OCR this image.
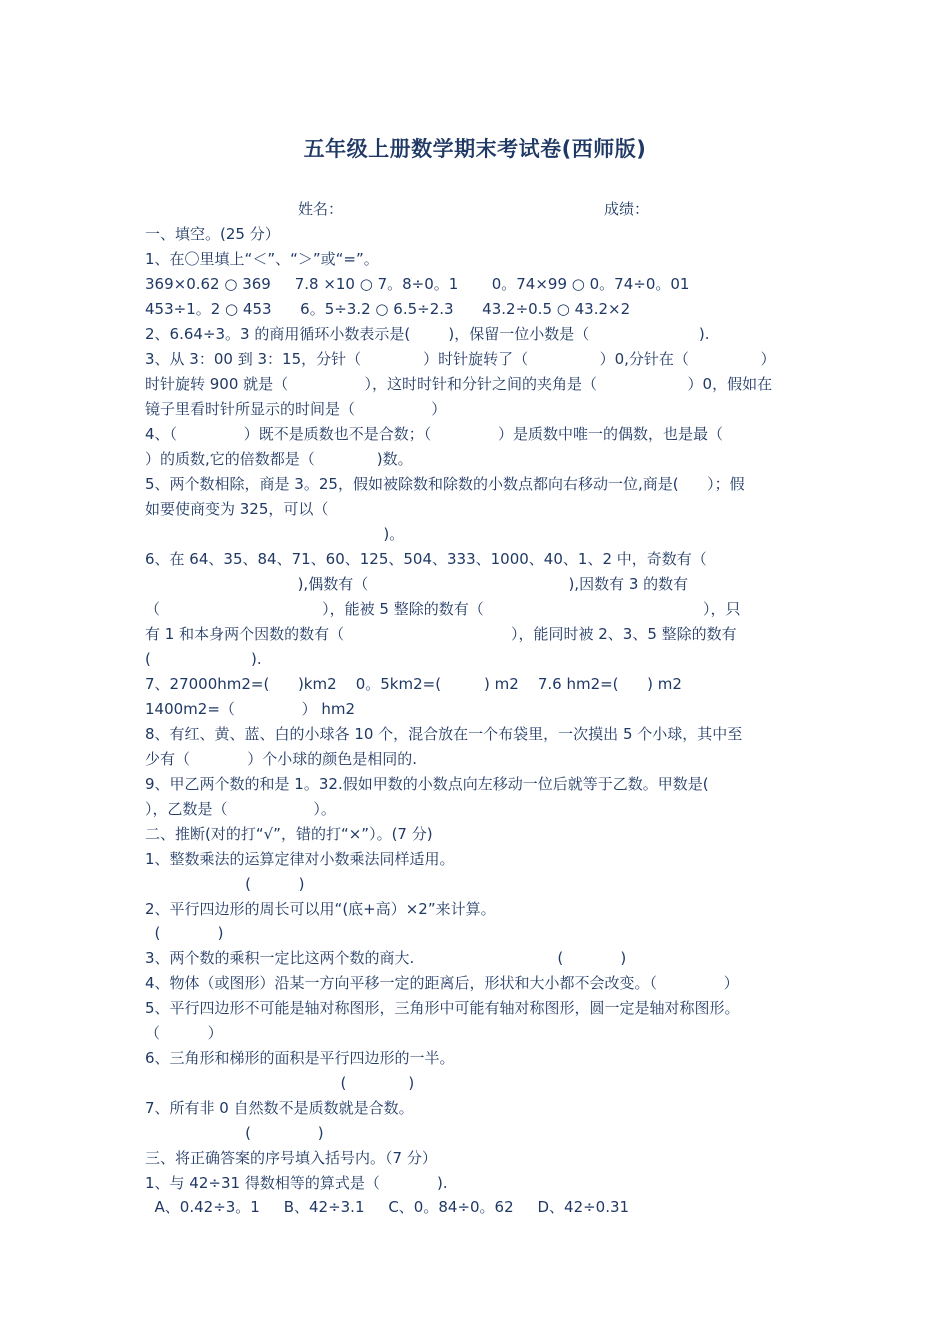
五年级上册数学期末考试卷(西师版)
姓名：	成绩：
一、填空。(25 分）
1、在〇里填上“＜”、“＞”或“=”。
369×0.62 ○ 369     7.8 ×10 ○ 7。8÷0。1       0。74×99 ○ 0。74÷0。01
453÷1。2 ○ 453      6。5÷3.2 ○ 6.5÷2.3      43.2÷0.5 ○ 43.2×2
2、6.64÷3。3 的商用循环小数表示是(        )，保留一位小数是（                       ).
3、从 3：00 到 3：15，分针（             ）时针旋转了（               ）0,分针在（               ）
时针旋转 900 就是（                ），这时时针和分针之间的夹角是（                   ）0，假如在
镜子里看时针所显示的时间是（                ）
4、（              ）既不是质数也不是合数；（              ）是质数中唯一的偶数，也是最（
）的质数,它的倍数都是（             )数。
5、两个数相除，商是 3。25，假如被除数和除数的小数点都向右移动一位,商是(      ）；假
如要使商变为 325，可以（
)。
6、在 64、35、84、71、60、125、504、333、1000、40、1、2 中，奇数有（
),偶数有（                                          ),因数有 3 的数有
（                                  ），能被 5 整除的数有（                                              ），只
有 1 和本身两个因数的数有（                                   ），能同时被 2、3、5 整除的数有
(                     ).
7、27000hm2=(      )km2    0。5km2=(         ) m2    7.6 hm2=(      ) m2
1400m2=（              ） hm2
8、有红、黄、蓝、白的小球各 10 个，混合放在一个布袋里，一次摸出 5 个小球，其中至
少有（            ）个小球的颜色是相同的.
9、甲乙两个数的和是 1。32.假如甲数的小数点向左移动一位后就等于乙数。甲数是(
），乙数是（                  ）。
二、推断(对的打“√”，错的打“×”）。(7 分)
1、整数乘法的运算定律对小数乘法同样适用。
(          )
2、平行四边形的周长可以用“(底+高）×2”来计算。
(            )
3、两个数的乘积一定比这两个数的商大.                              (            )
4、物体（或图形）沿某一方向平移一定的距离后，形状和大小都不会改变。（              ）
5、平行四边形不可能是轴对称图形，三角形中可能有轴对称图形，圆一定是轴对称图形。
（          ）
6、三角形和梯形的面积是平行四边形的一半。
(             )
7、所有非 0 自然数不是质数就是合数。
(              )
三、将正确答案的序号填入括号内。（7 分）
1、与 42÷31 得数相等的算式是（            ).
A、0.42÷3。1     B、42÷3.1     C、0。84÷0。62     D、42÷0.31
